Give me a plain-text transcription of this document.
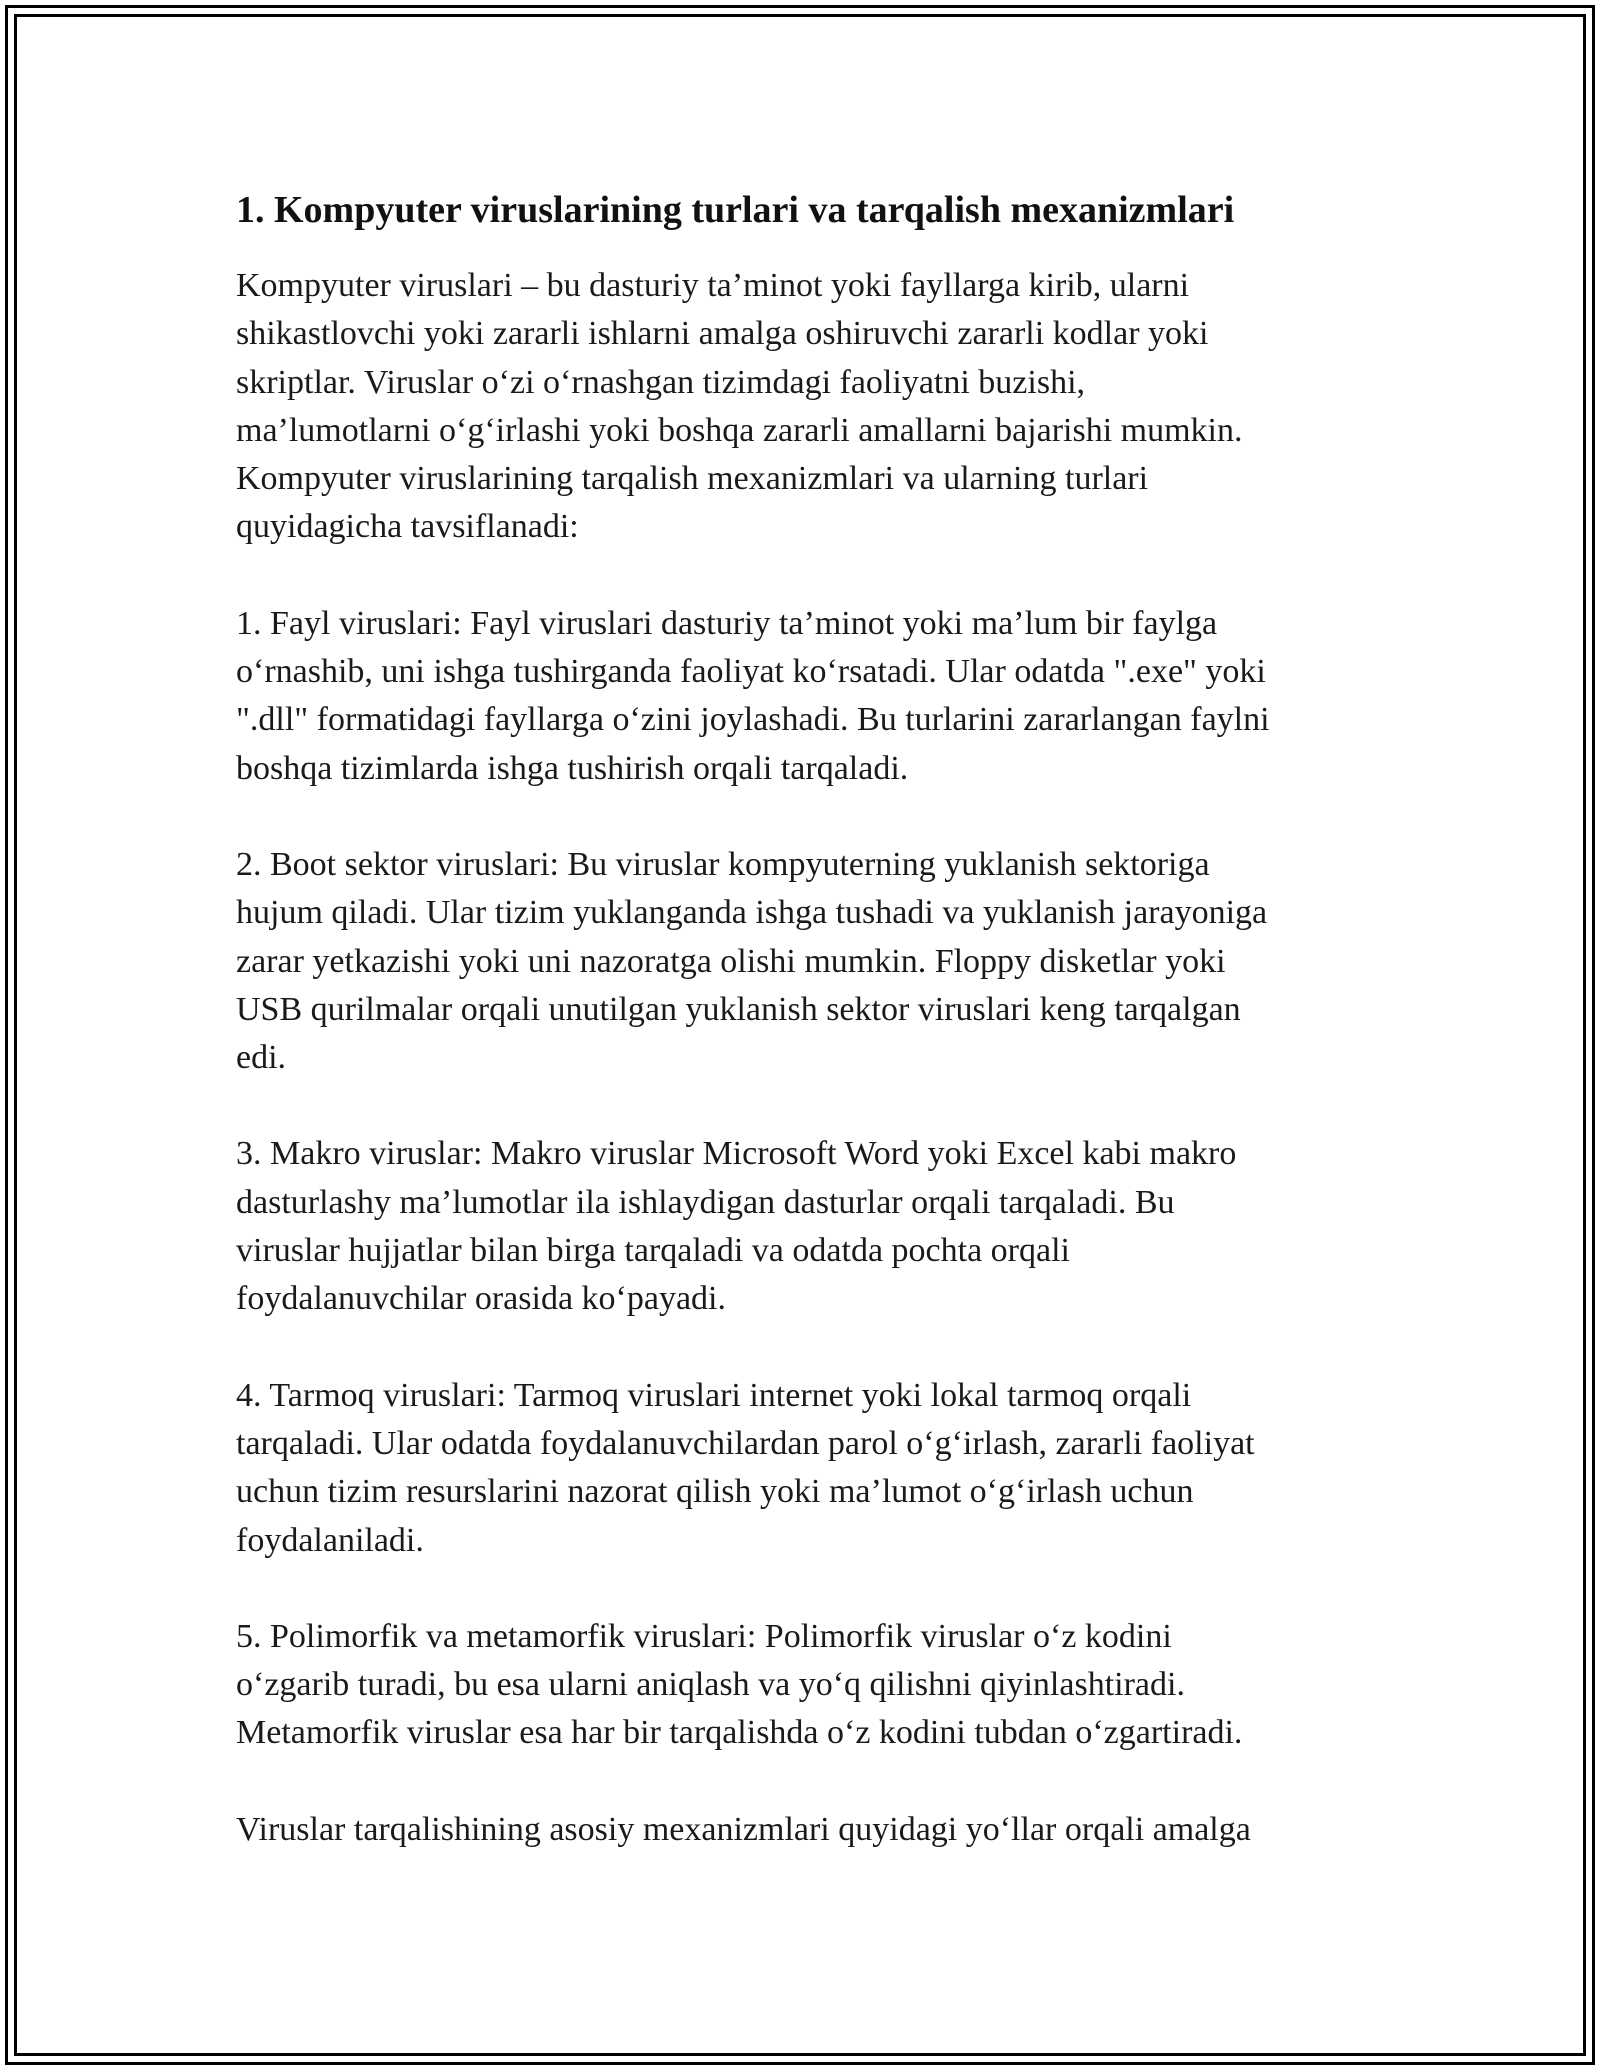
1. Kompyuter viruslarining turlari va tarqalish mexanizmlari

Kompyuter viruslari – bu dasturiy ta’minot yoki fayllarga kirib, ularni
shikastlovchi yoki zararli ishlarni amalga oshiruvchi zararli kodlar yoki
skriptlar. Viruslar o‘zi o‘rnashgan tizimdagi faoliyatni buzishi,
ma’lumotlarni o‘g‘irlashi yoki boshqa zararli amallarni bajarishi mumkin.
Kompyuter viruslarining tarqalish mexanizmlari va ularning turlari
quyidagicha tavsiflanadi:

1. Fayl viruslari: Fayl viruslari dasturiy ta’minot yoki ma’lum bir faylga
o‘rnashib, uni ishga tushirganda faoliyat ko‘rsatadi. Ular odatda ".exe" yoki
".dll" formatidagi fayllarga o‘zini joylashadi. Bu turlarini zararlangan faylni
boshqa tizimlarda ishga tushirish orqali tarqaladi.

2. Boot sektor viruslari: Bu viruslar kompyuterning yuklanish sektoriga
hujum qiladi. Ular tizim yuklanganda ishga tushadi va yuklanish jarayoniga
zarar yetkazishi yoki uni nazoratga olishi mumkin. Floppy disketlar yoki
USB qurilmalar orqali unutilgan yuklanish sektor viruslari keng tarqalgan
edi.

3. Makro viruslar: Makro viruslar Microsoft Word yoki Excel kabi makro
dasturlashy ma’lumotlar ila ishlaydigan dasturlar orqali tarqaladi. Bu
viruslar hujjatlar bilan birga tarqaladi va odatda pochta orqali
foydalanuvchilar orasida ko‘payadi.

4. Tarmoq viruslari: Tarmoq viruslari internet yoki lokal tarmoq orqali
tarqaladi. Ular odatda foydalanuvchilardan parol o‘g‘irlash, zararli faoliyat
uchun tizim resurslarini nazorat qilish yoki ma’lumot o‘g‘irlash uchun
foydalaniladi.

5. Polimorfik va metamorfik viruslari: Polimorfik viruslar o‘z kodini
o‘zgarib turadi, bu esa ularni aniqlash va yo‘q qilishni qiyinlashtiradi.
Metamorfik viruslar esa har bir tarqalishda o‘z kodini tubdan o‘zgartiradi.

Viruslar tarqalishining asosiy mexanizmlari quyidagi yo‘llar orqali amalga
